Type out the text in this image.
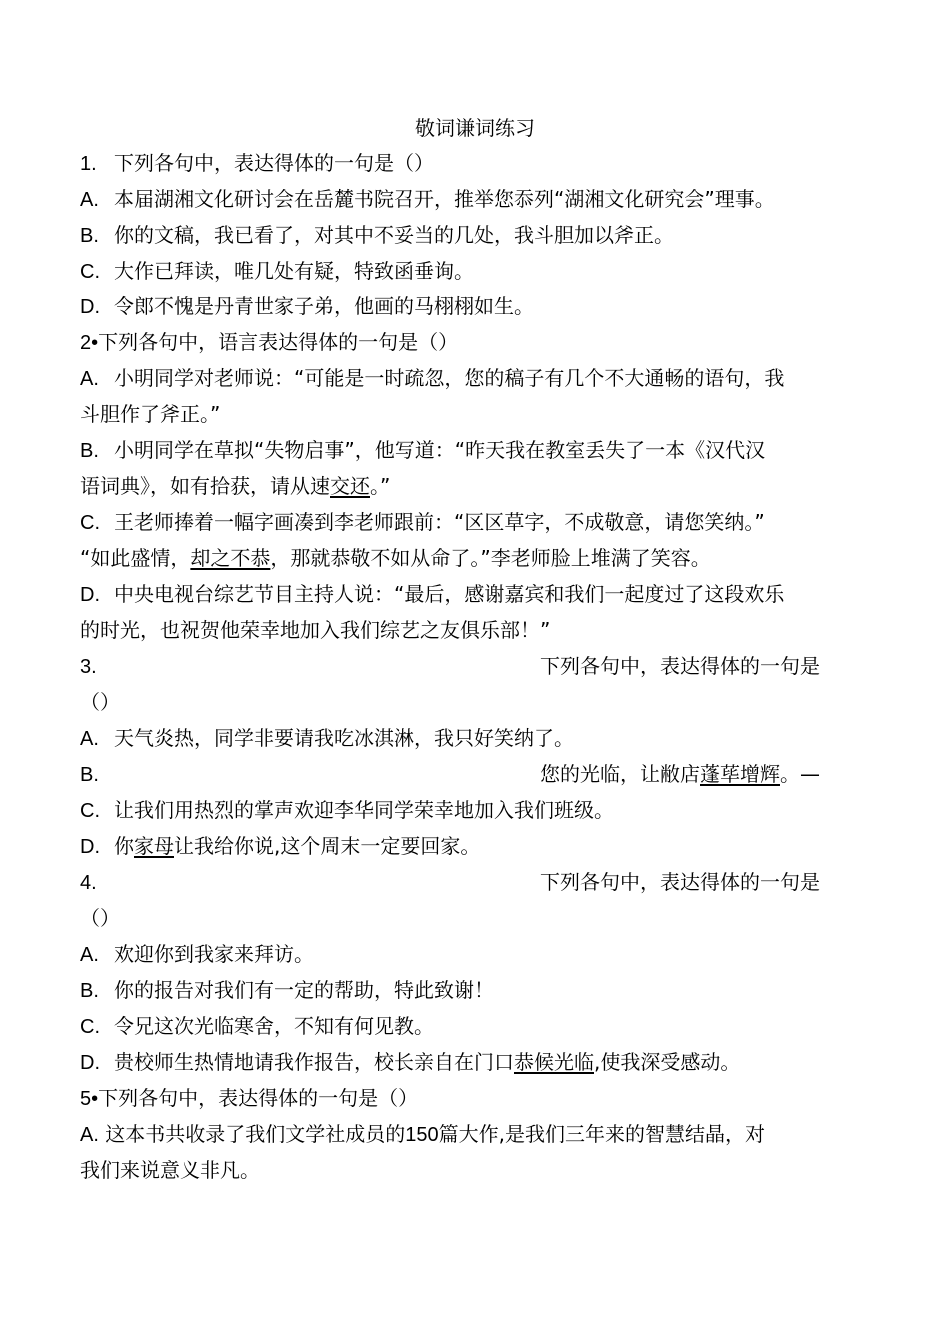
敬词谦词练习
1. 下列各句中，表达得体的一句是（）
A. 本届湖湘文化研讨会在岳麓书院召开，推举您忝列“湖湘文化研究会”理事。
B. 你的文稿，我已看了，对其中不妥当的几处，我斗胆加以斧正。
C. 大作已拜读，唯几处有疑，特致函垂询。
D. 令郎不愧是丹青世家子弟，他画的马栩栩如生。
2•下列各句中，语言表达得体的一句是（）
A. 小明同学对老师说：“可能是一时疏忽，您的稿子有几个不大通畅的语句，我
斗胆作了斧正。”
B. 小明同学在草拟“失物启事”，他写道：“昨天我在教室丢失了一本《汉代汉
语词典》，如有拾获，请从速交还。”
C. 王老师捧着一幅字画凑到李老师跟前：“区区草字，不成敬意，请您笑纳。”
“如此盛情，却之不恭，那就恭敬不如从命了。”李老师脸上堆满了笑容。
D. 中央电视台综艺节目主持人说：“最后，感谢嘉宾和我们一起度过了这段欢乐
的时光，也祝贺他荣幸地加入我们综艺之友俱乐部！”
3.	下列各句中，表达得体的一句是
（）
A. 天气炎热，同学非要请我吃冰淇淋，我只好笑纳了。
B.	您的光临，让敝店蓬荜增辉。—
C. 让我们用热烈的掌声欢迎李华同学荣幸地加入我们班级。
D. 你家母让我给你说,这个周末一定要回家。
4.	下列各句中，表达得体的一句是
（）
A. 欢迎你到我家来拜访。
B. 你的报告对我们有一定的帮助，特此致谢！
C. 令兄这次光临寒舍，不知有何见教。
D. 贵校师生热情地请我作报告，校长亲自在门口恭候光临,使我深受感动。
5•下列各句中，表达得体的一句是（）
A. 这本书共收录了我们文学社成员的150篇大作,是我们三年来的智慧结晶，对
我们来说意义非凡。
